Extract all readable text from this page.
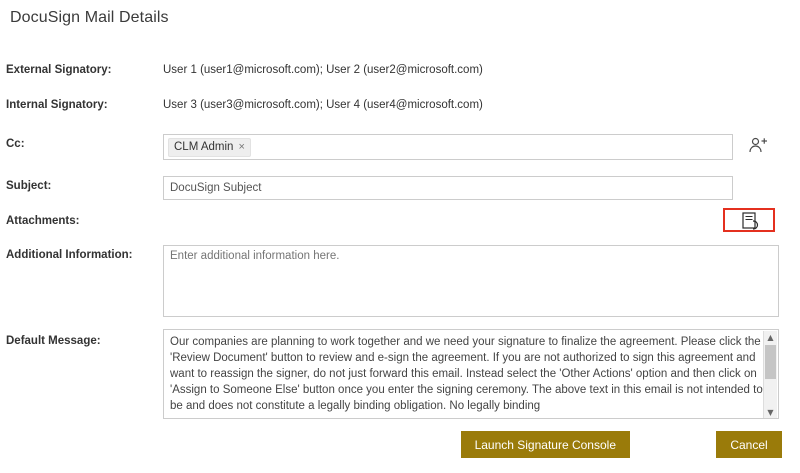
DocuSign Mail Details
External Signatory:	User 1 (user1@microsoft.com); User 2 (user2@microsoft.com)
Internal Signatory:	User 3 (user3@microsoft.com); User 4 (user4@microsoft.com)
Cc:	CLM Admin ×
Subject:
DocuSign Subject
Attachments:
Additional Information:
Enter additional information here.
Default Message:	Our companies are planning to work together and we need your signature to finalize the agreement. Please click the 'Review Document' button to review and e-sign the agreement. If you are not authorized to sign this agreement and want to reassign the signer, do not just forward this email. Instead select the 'Other Actions' option and then click on 'Assign to Someone Else' button once you enter the signing ceremony. The above text in this email is not intended to be and does not constitute a legally binding obligation. No legally binding
▲
▼
Launch Signature Console	Cancel
